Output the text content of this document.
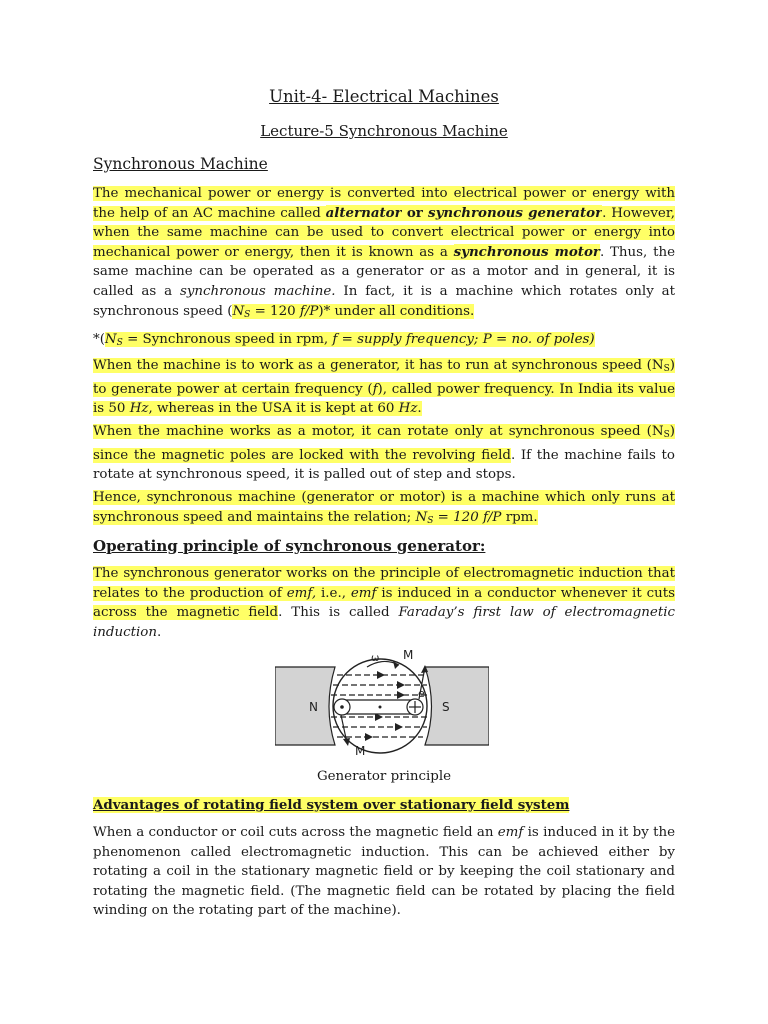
Unit-4- Electrical Machines
Lecture-5 Synchronous Machine
Synchronous Machine
The mechanical power or energy is converted into electrical power or energy with the help of an AC machine called alternator or synchronous generator. However, when the same machine can be used to convert electrical power or energy into mechanical power or energy, then it is known as a synchronous motor. Thus, the same machine can be operated as a generator or as a motor and in general, it is called as a synchronous machine. In fact, it is a machine which rotates only at synchronous speed ($N_S = 120$ f/P)* under all conditions.
$*(N_S$ = Synchronous speed in rpm, f = supply frequency; P = no. of poles)
When the machine is to work as a generator, it has to run at synchronous speed $(N_S)$ to generate power at certain frequency (f), called power frequency. In India its value is 50 Hz, whereas in the USA it is kept at 60 Hz.
When the machine works as a motor, it can rotate only at synchronous speed $(N_S)$ since the magnetic poles are locked with the revolving field. If the machine fails to rotate at synchronous speed, it is palled out of step and stops.
Hence, synchronous machine (generator or motor) is a machine which only runs at synchronous speed and maintains the relation; $N_S = 120$ f/P rpm.
Operating principle of synchronous generator:
The synchronous generator works on the principle of electromagnetic induction that relates to the production of emf, i.e., emf is induced in a conductor whenever it cuts across the magnetic field. This is called Faraday’s first law of electromagnetic induction.
ω M
M
N	S
e
Generator principle
Advantages of rotating field system over stationary field system
When a conductor or coil cuts across the magnetic field an emf is induced in it by the phenomenon called electromagnetic induction. This can be achieved either by rotating a coil in the stationary magnetic field or by keeping the coil stationary and rotating the magnetic field. (The magnetic field can be rotated by placing the field winding on the rotating part of the machine).
